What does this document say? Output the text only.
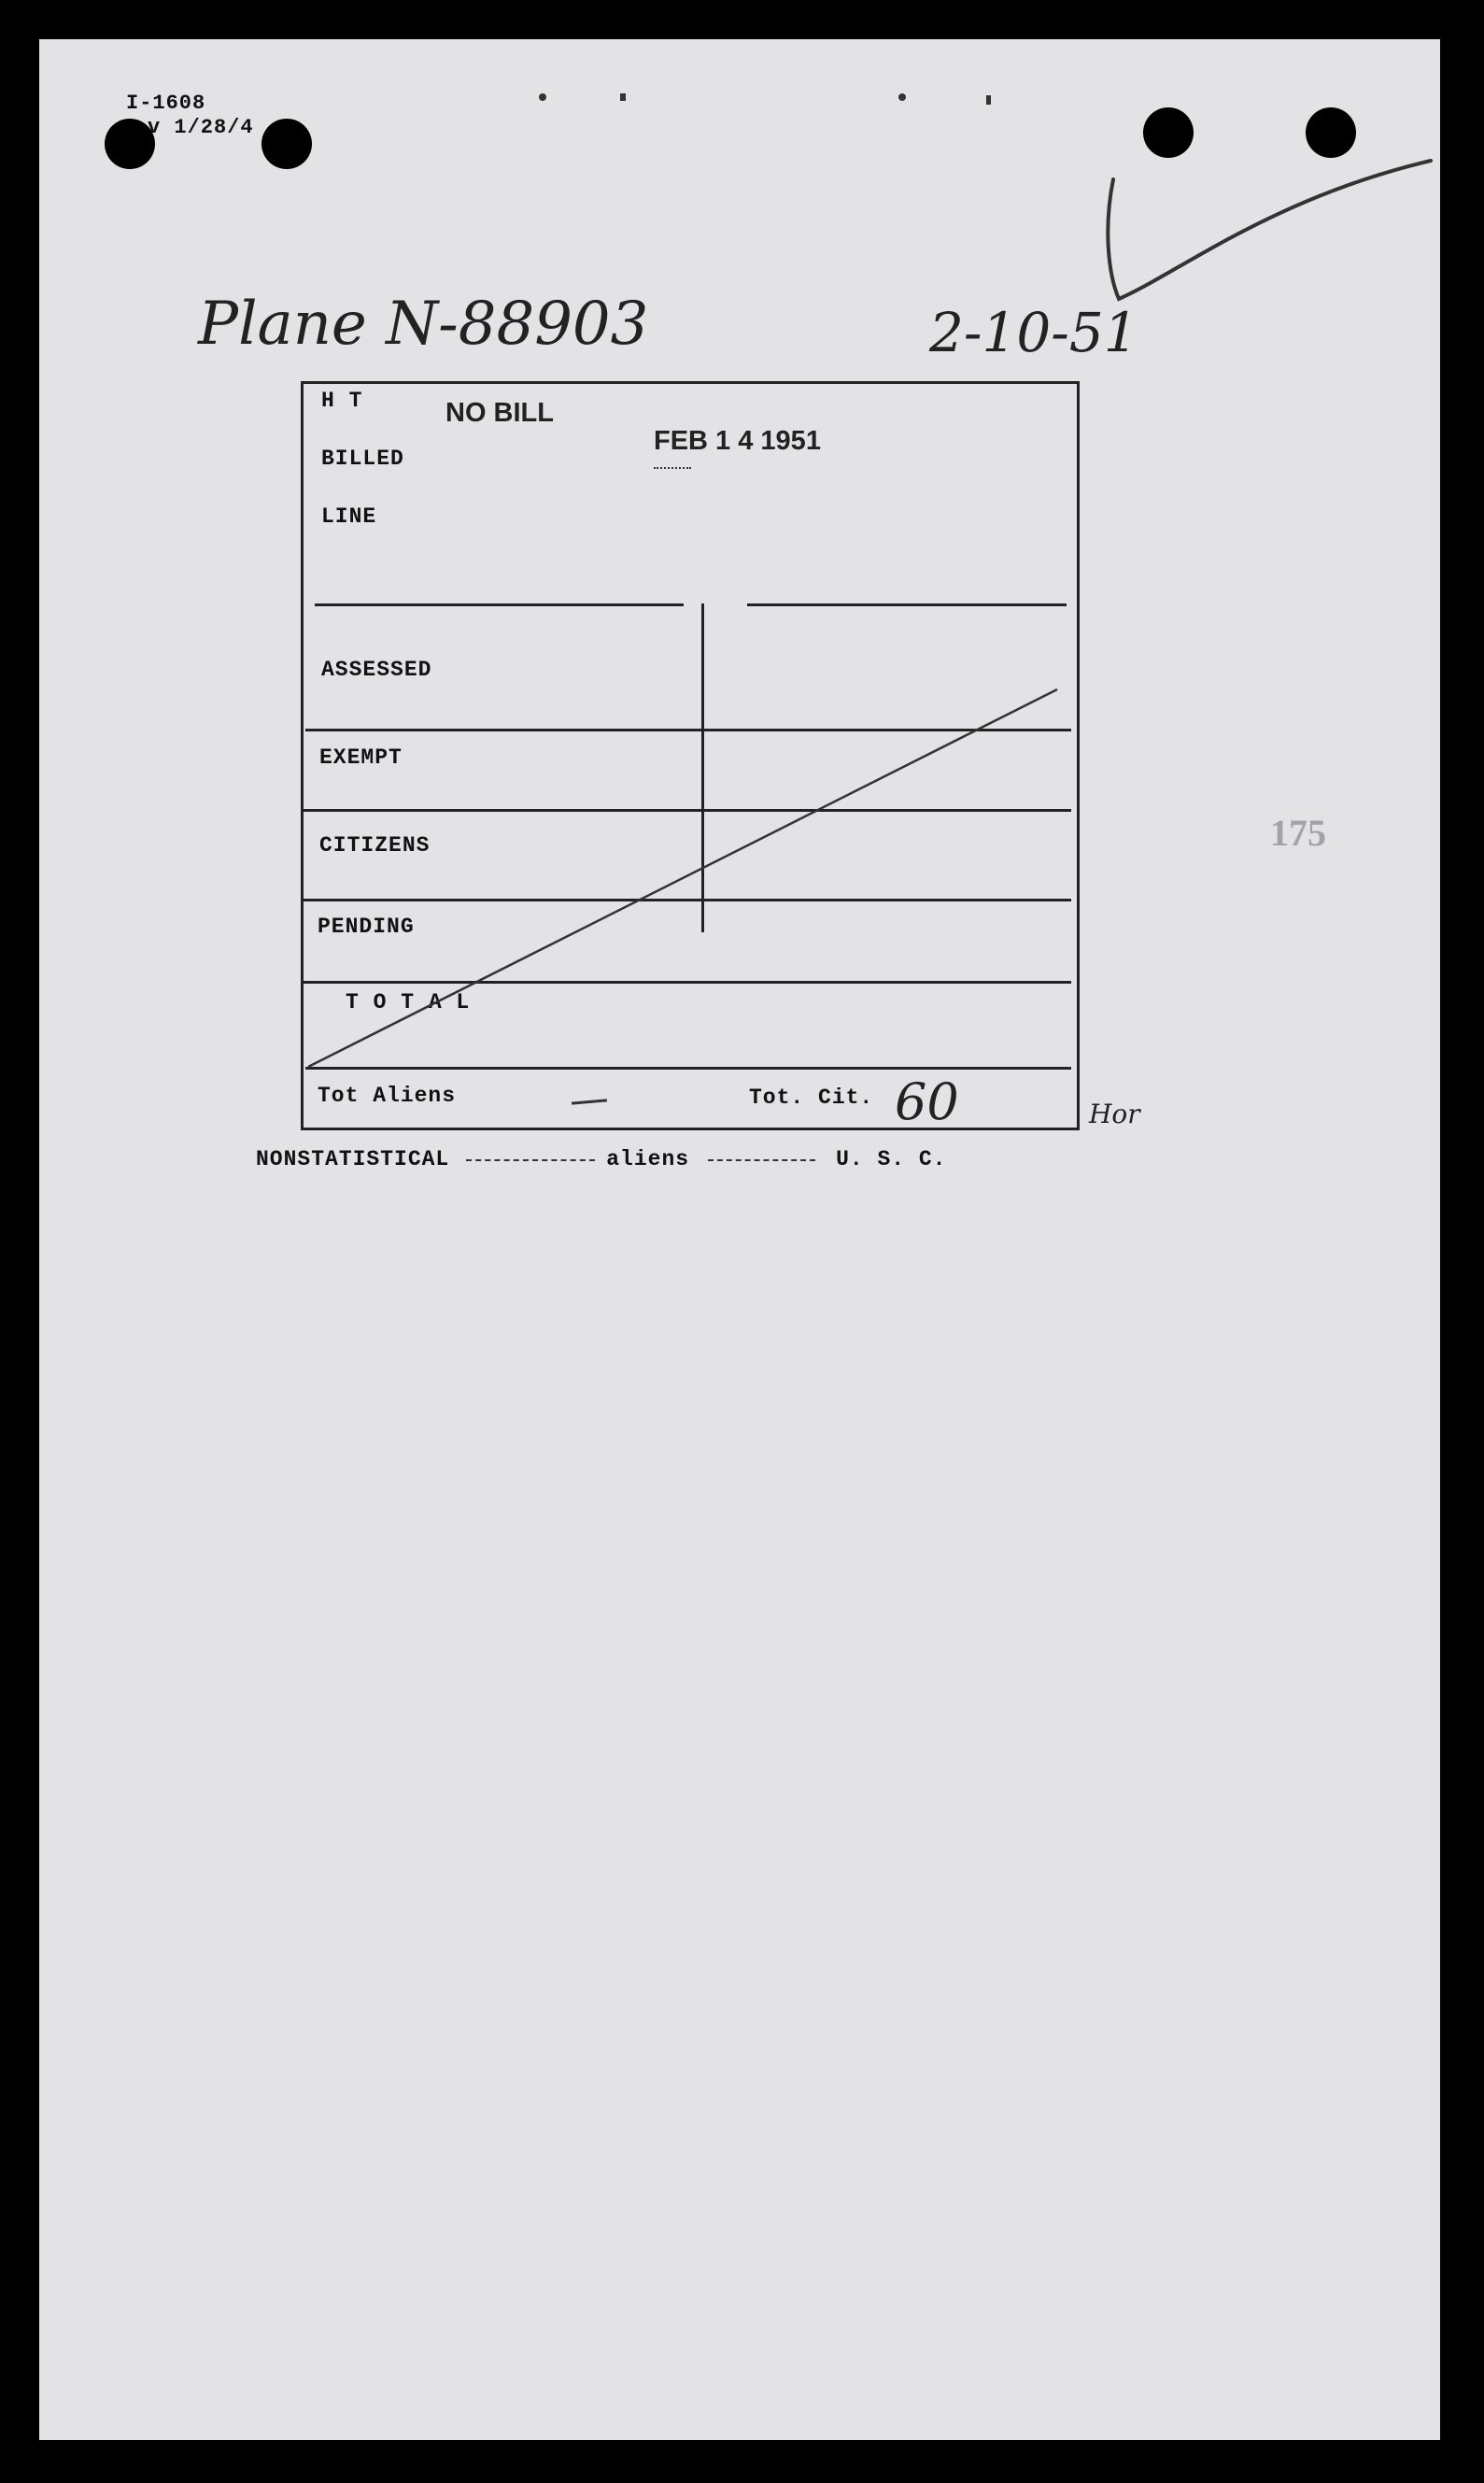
I-1608
v 1/28/4
Plane N-88903	2-10-51
175
H T
BILLED
LINE
NO BILL
FEB 1 4 1951
ASSESSED
EXEMPT
CITIZENS
PENDING
T O T A L
Tot Aliens	Tot. Cit. 60	Hor
NONSTATISTICAL	aliens	U. S. C.
